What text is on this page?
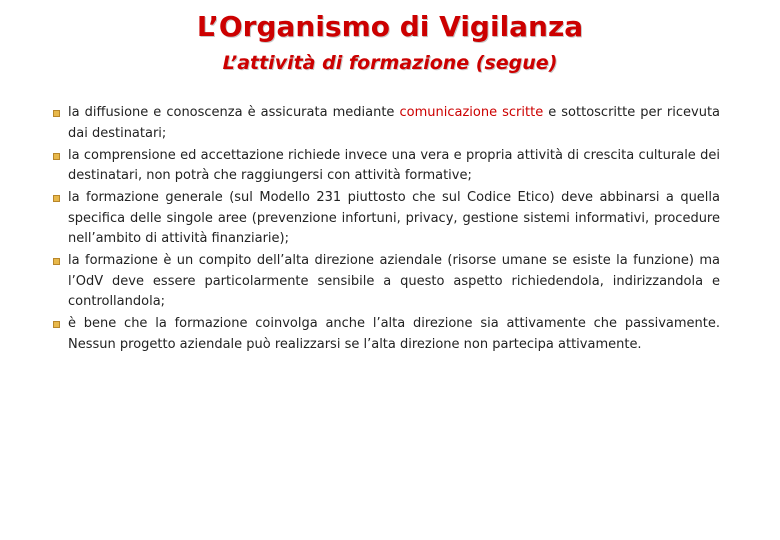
L’Organismo di Vigilanza
L’attività di formazione (segue)
la diffusione e conoscenza è assicurata mediante comunicazione scritte e sottoscritte per ricevuta dai destinatari;
la comprensione ed accettazione richiede invece una vera e propria attività di crescita culturale dei destinatari, non potrà che raggiungersi con attività formative;
la formazione generale (sul Modello 231 piuttosto che sul Codice Etico) deve abbinarsi a quella specifica delle singole aree (prevenzione infortuni, privacy, gestione sistemi informativi, procedure nell’ambito di attività finanziarie);
la formazione è un compito dell’alta direzione aziendale (risorse umane se esiste la funzione) ma l’OdV deve essere particolarmente sensibile a questo aspetto richiedendola, indirizzandola e controllandola;
è bene che la formazione coinvolga anche l’alta direzione sia attivamente che passivamente. Nessun progetto aziendale può realizzarsi se l’alta direzione non partecipa attivamente.
